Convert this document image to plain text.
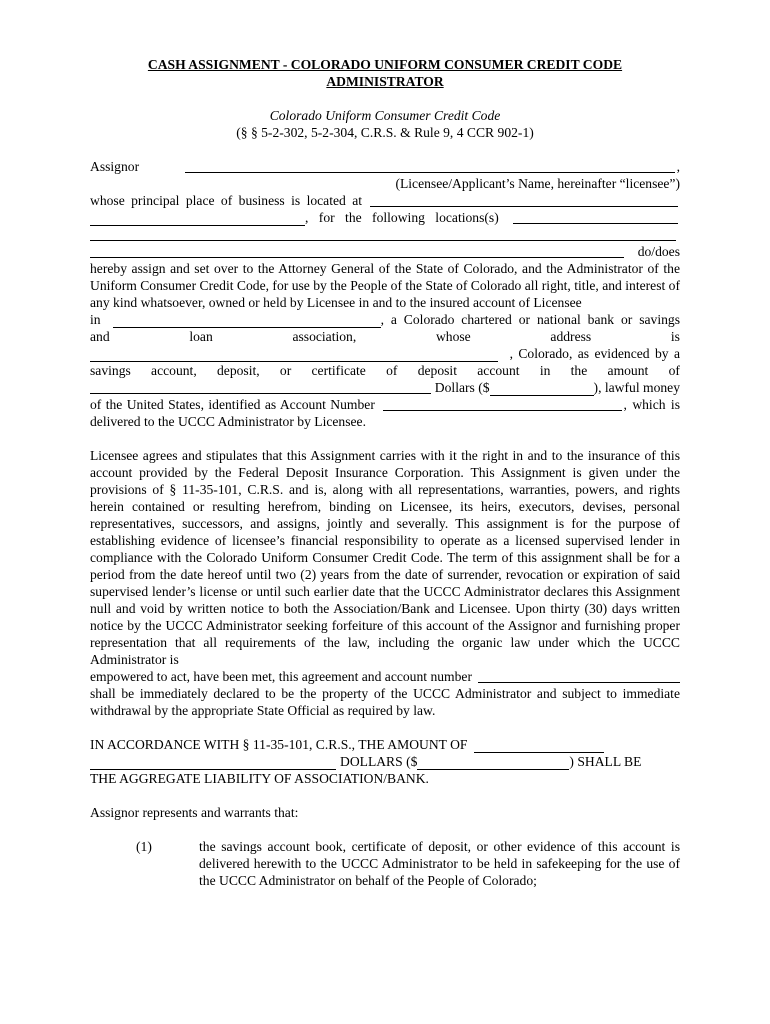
CASH ASSIGNMENT - COLORADO UNIFORM CONSUMER CREDIT CODE
ADMINISTRATOR
Colorado Uniform Consumer Credit Code
(§ § 5-2-302, 5-2-304, C.R.S. & Rule 9, 4 CCR 902-1)
Assignor	,
(Licensee/Applicant’s Name, hereinafter “licensee”)
whose principal place of business is located at
, for the following locations(s)
do/does
hereby assign and set over to the Attorney General of the State of Colorado, and the Administrator of the Uniform Consumer Credit Code, for use by the People of the State of Colorado all right, title, and interest of any kind whatsoever, owned or held by Licensee in and to the insured account of Licensee
in	, a Colorado chartered or national bank or savings
and	loan	association,	whose	address	is
, Colorado, as evidenced by a
savings account, deposit, or certificate of deposit account in the amount of
Dollars ($	), lawful money
of the United States, identified as Account Number	, which is
delivered to the UCCC Administrator by Licensee.
Licensee agrees and stipulates that this Assignment carries with it the right in and to the insurance of this account provided by the Federal Deposit Insurance Corporation. This Assignment is given under the provisions of § 11-35-101, C.R.S. and is, along with all representations, warranties, powers, and rights herein contained or resulting herefrom, binding on Licensee, its heirs, executors, devises, personal representatives, successors, and assigns, jointly and severally. This assignment is for the purpose of establishing evidence of licensee’s financial responsibility to operate as a licensed supervised lender in compliance with the Colorado Uniform Consumer Credit Code. The term of this assignment shall be for a period from the date hereof until two (2) years from the date of surrender, revocation or expiration of said supervised lender’s license or until such earlier date that the UCCC Administrator declares this Assignment null and void by written notice to both the Association/Bank and Licensee. Upon thirty (30) days written notice by the UCCC Administrator seeking forfeiture of this account of the Assignor and furnishing proper representation that all requirements of the law, including the organic law under which the UCCC Administrator is
empowered to act, have been met, this agreement and account number
shall be immediately declared to be the property of the UCCC Administrator and subject to immediate withdrawal by the appropriate State Official as required by law.
IN ACCORDANCE WITH § 11-35-101, C.R.S., THE AMOUNT OF
DOLLARS ($	) SHALL BE
THE AGGREGATE LIABILITY OF ASSOCIATION/BANK.
Assignor represents and warrants that:
(1)	the savings account book, certificate of deposit, or other evidence of this account is delivered herewith to the UCCC Administrator to be held in safekeeping for the use of the UCCC Administrator on behalf of the People of Colorado;
